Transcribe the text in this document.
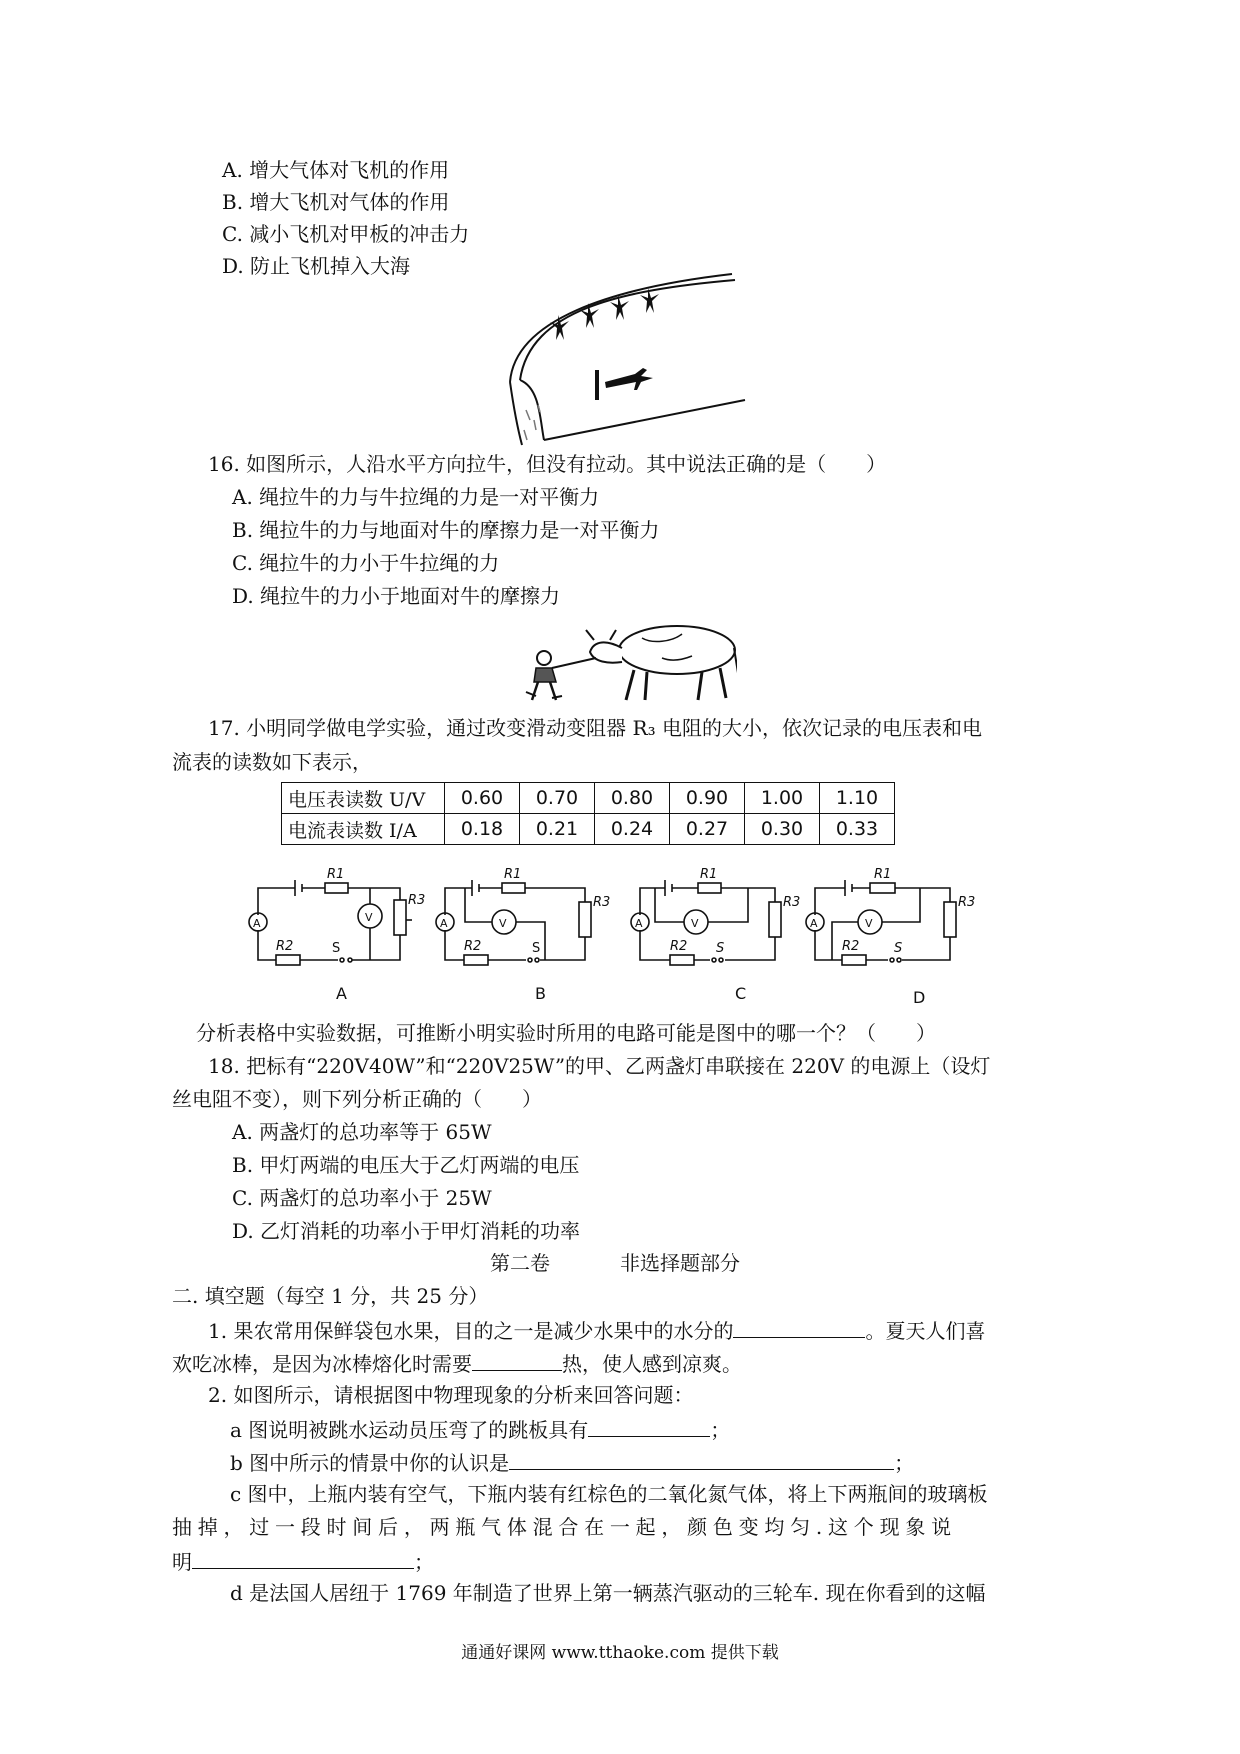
A. 增大气体对飞机的作用
B. 增大飞机对气体的作用
C. 减小飞机对甲板的冲击力
D. 防止飞机掉入大海
16. 如图所示，人沿水平方向拉牛，但没有拉动。其中说法正确的是（　　）
A. 绳拉牛的力与牛拉绳的力是一对平衡力
B. 绳拉牛的力与地面对牛的摩擦力是一对平衡力
C. 绳拉牛的力小于牛拉绳的力
D. 绳拉牛的力小于地面对牛的摩擦力
17. 小明同学做电学实验，通过改变滑动变阻器 R₃ 电阻的大小，依次记录的电压表和电
流表的读数如下表示，
电压表读数 U/V	0.60	0.70	0.80	0.90	1.00	1.10
电流表读数 I/A	0.18	0.21	0.24	0.27	0.30	0.33
R1
R3
R2	S
A	V
R1
R3
R2	S
A	V
R1
R3
R2 S
A	V
R1
R3
R2	S
A	V
A	B	C	D
分析表格中实验数据，可推断小明实验时所用的电路可能是图中的哪一个？（　　）
18. 把标有“220V40W”和“220V25W”的甲、乙两盏灯串联接在 220V 的电源上（设灯
丝电阻不变），则下列分析正确的（　　）
A. 两盏灯的总功率等于 65W
B. 甲灯两端的电压大于乙灯两端的电压
C. 两盏灯的总功率小于 25W
D. 乙灯消耗的功率小于甲灯消耗的功率
第二卷	非选择题部分
二. 填空题（每空 1 分，共 25 分）
1. 果农常用保鲜袋包水果，目的之一是减少水果中的水分的	。夏天人们喜
欢吃冰棒，是因为冰棒熔化时需要	热，使人感到凉爽。
2. 如图所示，请根据图中物理现象的分析来回答问题：
a 图说明被跳水运动员压弯了的跳板具有	；
b 图中所示的情景中你的认识是	；
c 图中，上瓶内装有空气，下瓶内装有红棕色的二氧化氮气体，将上下两瓶间的玻璃板
抽 掉 ， 过 一 段 时 间 后 ， 两 瓶 气 体 混 合 在 一 起 ， 颜 色 变 均 匀 . 这 个 现 象 说
明	；
d 是法国人居纽于 1769 年制造了世界上第一辆蒸汽驱动的三轮车. 现在你看到的这幅
通通好课网 www.tthaoke.com 提供下载
